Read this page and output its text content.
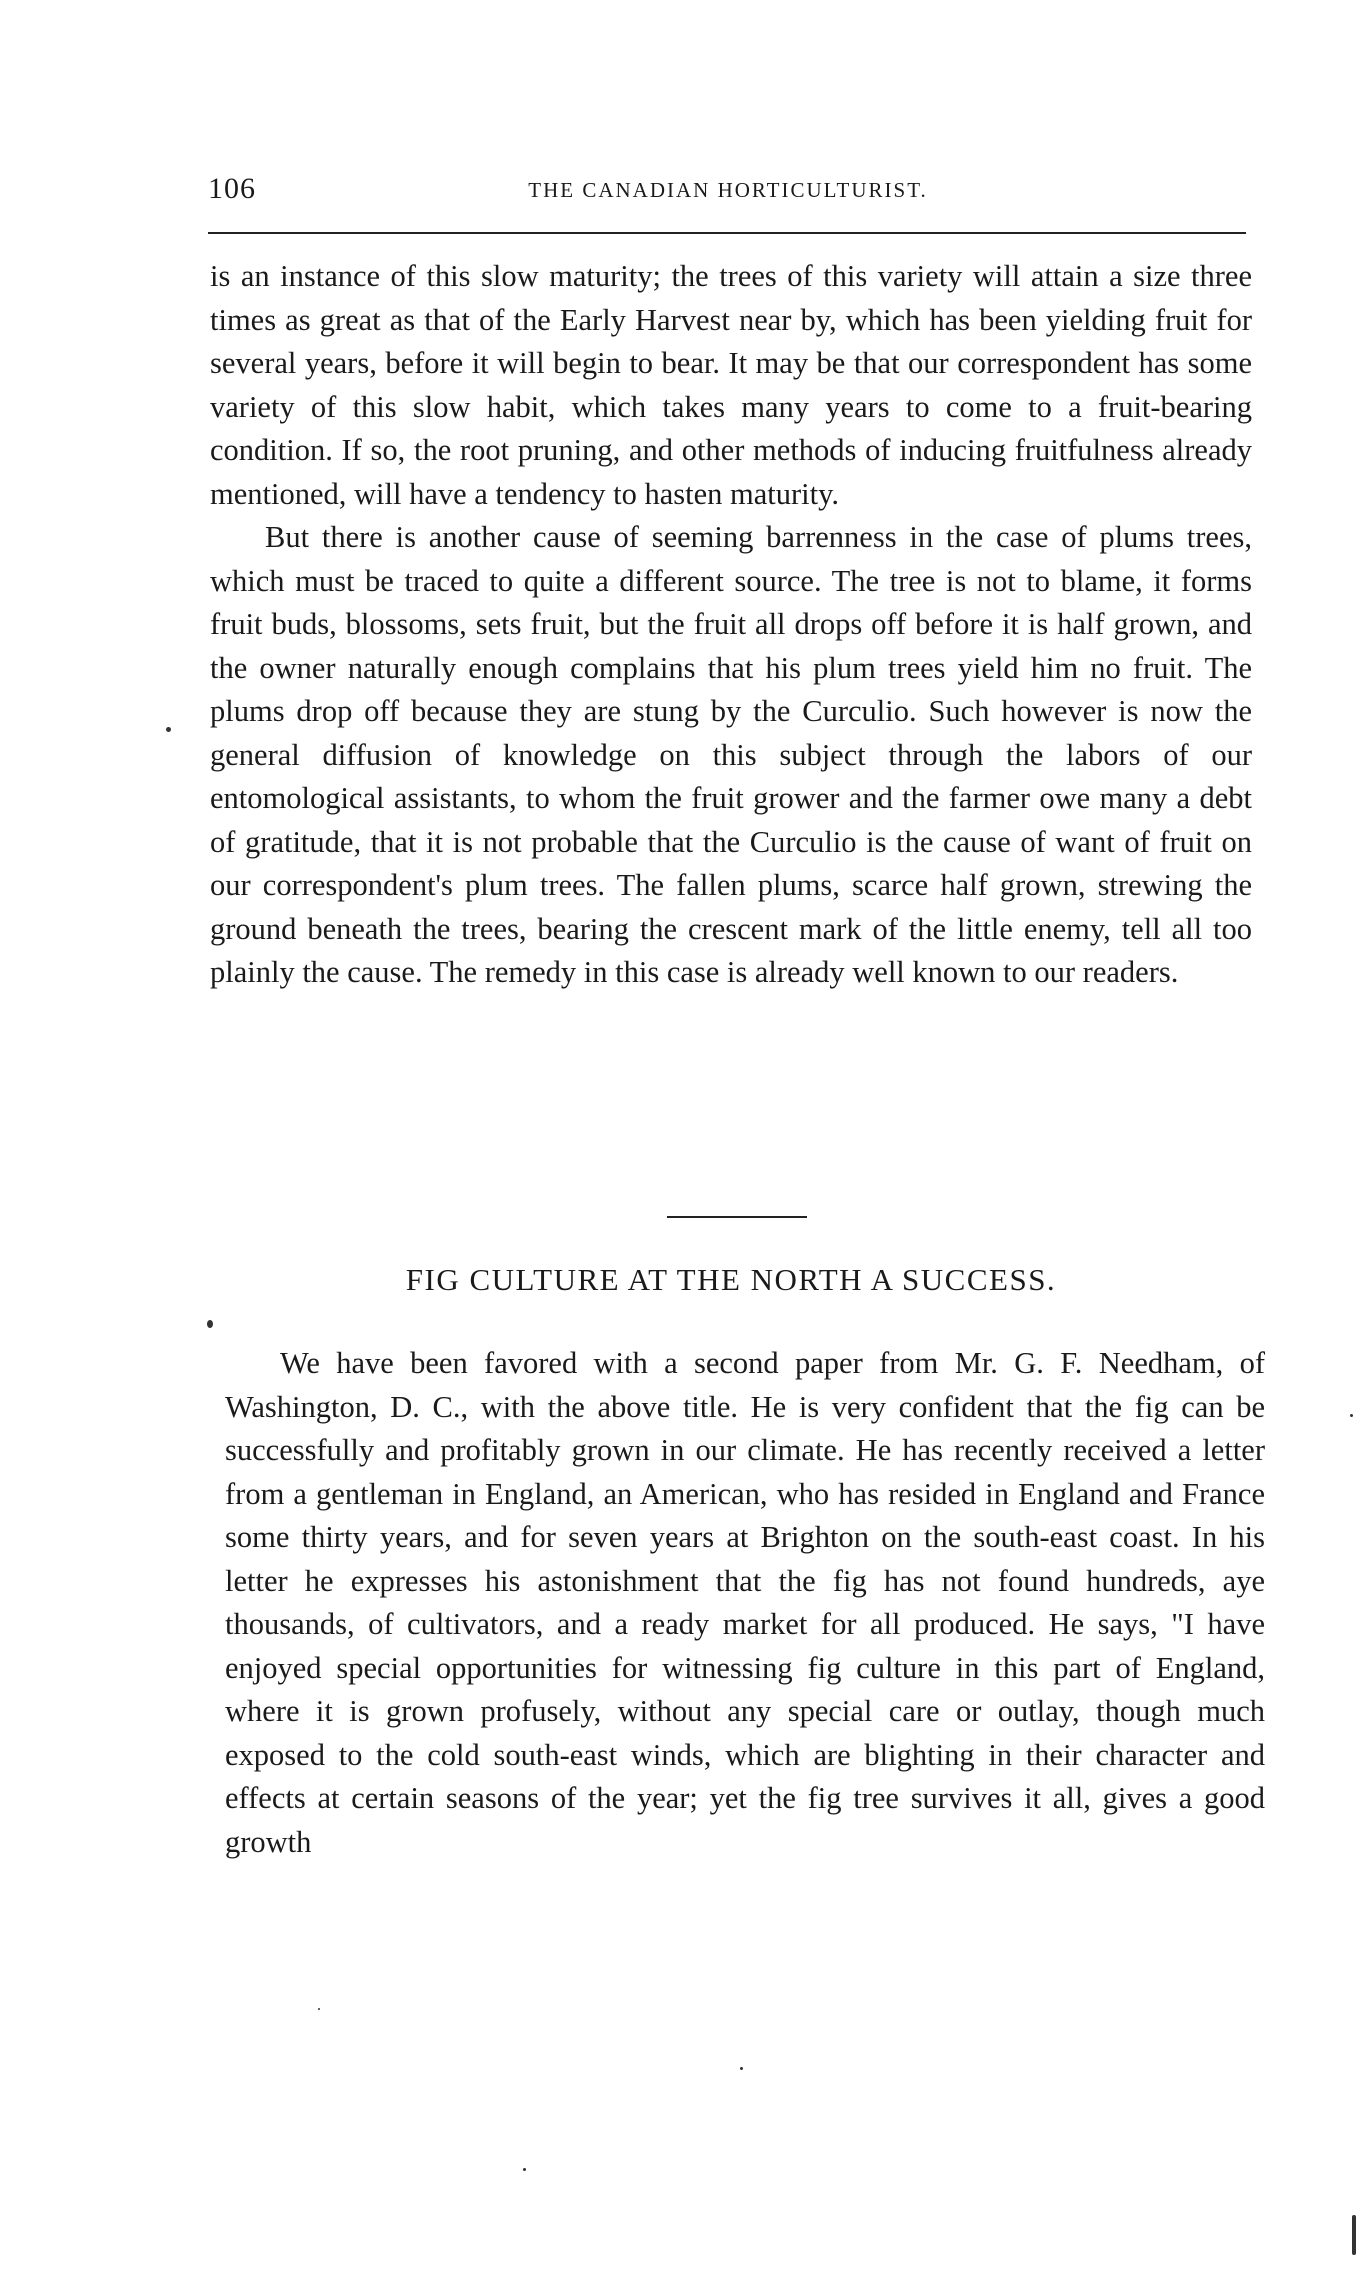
106	THE CANADIAN HORTICULTURIST.

is an instance of this slow maturity; the trees of this variety will attain a size three times as great as that of the Early Harvest near by, which has been yielding fruit for several years, before it will begin to bear. It may be that our correspondent has some variety of this slow habit, which takes many years to come to a fruit-bearing condition. If so, the root pruning, and other methods of inducing fruitfulness already mentioned, will have a tendency to hasten maturity.

But there is another cause of seeming barrenness in the case of plums trees, which must be traced to quite a different source. The tree is not to blame, it forms fruit buds, blossoms, sets fruit, but the fruit all drops off before it is half grown, and the owner naturally enough complains that his plum trees yield him no fruit. The plums drop off because they are stung by the Curculio. Such however is now the general diffusion of knowledge on this subject through the labors of our entomological assistants, to whom the fruit grower and the farmer owe many a debt of gratitude, that it is not probable that the Curculio is the cause of want of fruit on our correspondent's plum trees. The fallen plums, scarce half grown, strewing the ground beneath the trees, bearing the crescent mark of the little enemy, tell all too plainly the cause. The remedy in this case is already well known to our readers.

FIG CULTURE AT THE NORTH A SUCCESS.

We have been favored with a second paper from Mr. G. F. Needham, of Washington, D. C., with the above title. He is very confident that the fig can be successfully and profitably grown in our climate. He has recently received a letter from a gentleman in England, an American, who has resided in England and France some thirty years, and for seven years at Brighton on the south-east coast. In his letter he expresses his astonishment that the fig has not found hundreds, aye thousands, of cultivators, and a ready market for all produced. He says, "I have enjoyed special opportunities for witnessing fig culture in this part of England, where it is grown profusely, without any special care or outlay, though much exposed to the cold south-east winds, which are blighting in their character and effects at certain seasons of the year; yet the fig tree survives it all, gives a good growth
